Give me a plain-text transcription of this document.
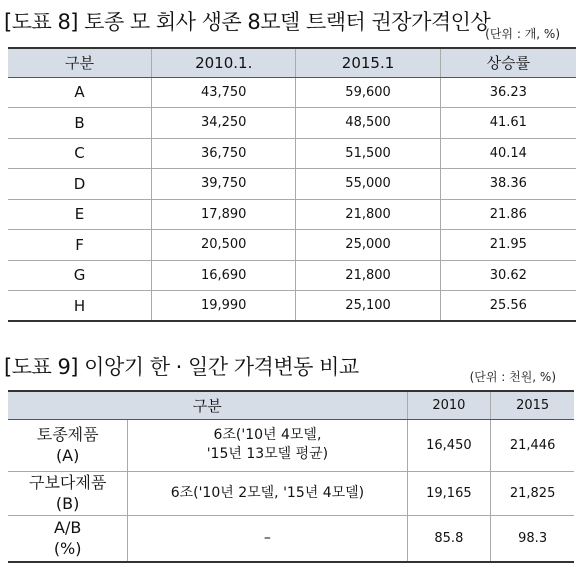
[도표 8] 토종 모 회사 생존 8모델 트랙터 권장가격인상
(단위 : 개, %)
구분	2010.1.	2015.1	상승률
A	43,750	59,600	36.23
B	34,250	48,500	41.61
C	36,750	51,500	40.14
D	39,750	55,000	38.36
E	17,890	21,800	21.86
F	20,500	25,000	21.95
G	16,690	21,800	30.62
H	19,990	25,100	25.56
[도표 9] 이앙기 한 · 일간 가격변동 비교	(단위 : 천원, %)
구분		2010	2015

토종제품
(A)	6조('10년 4모델,
'15년 13모델 평균)	16,450	21,446

구보다제품
(B)	6조('10년 2모델, '15년 4모델)	19,165	21,825

A/B
(%)	–	85.8	98.3
